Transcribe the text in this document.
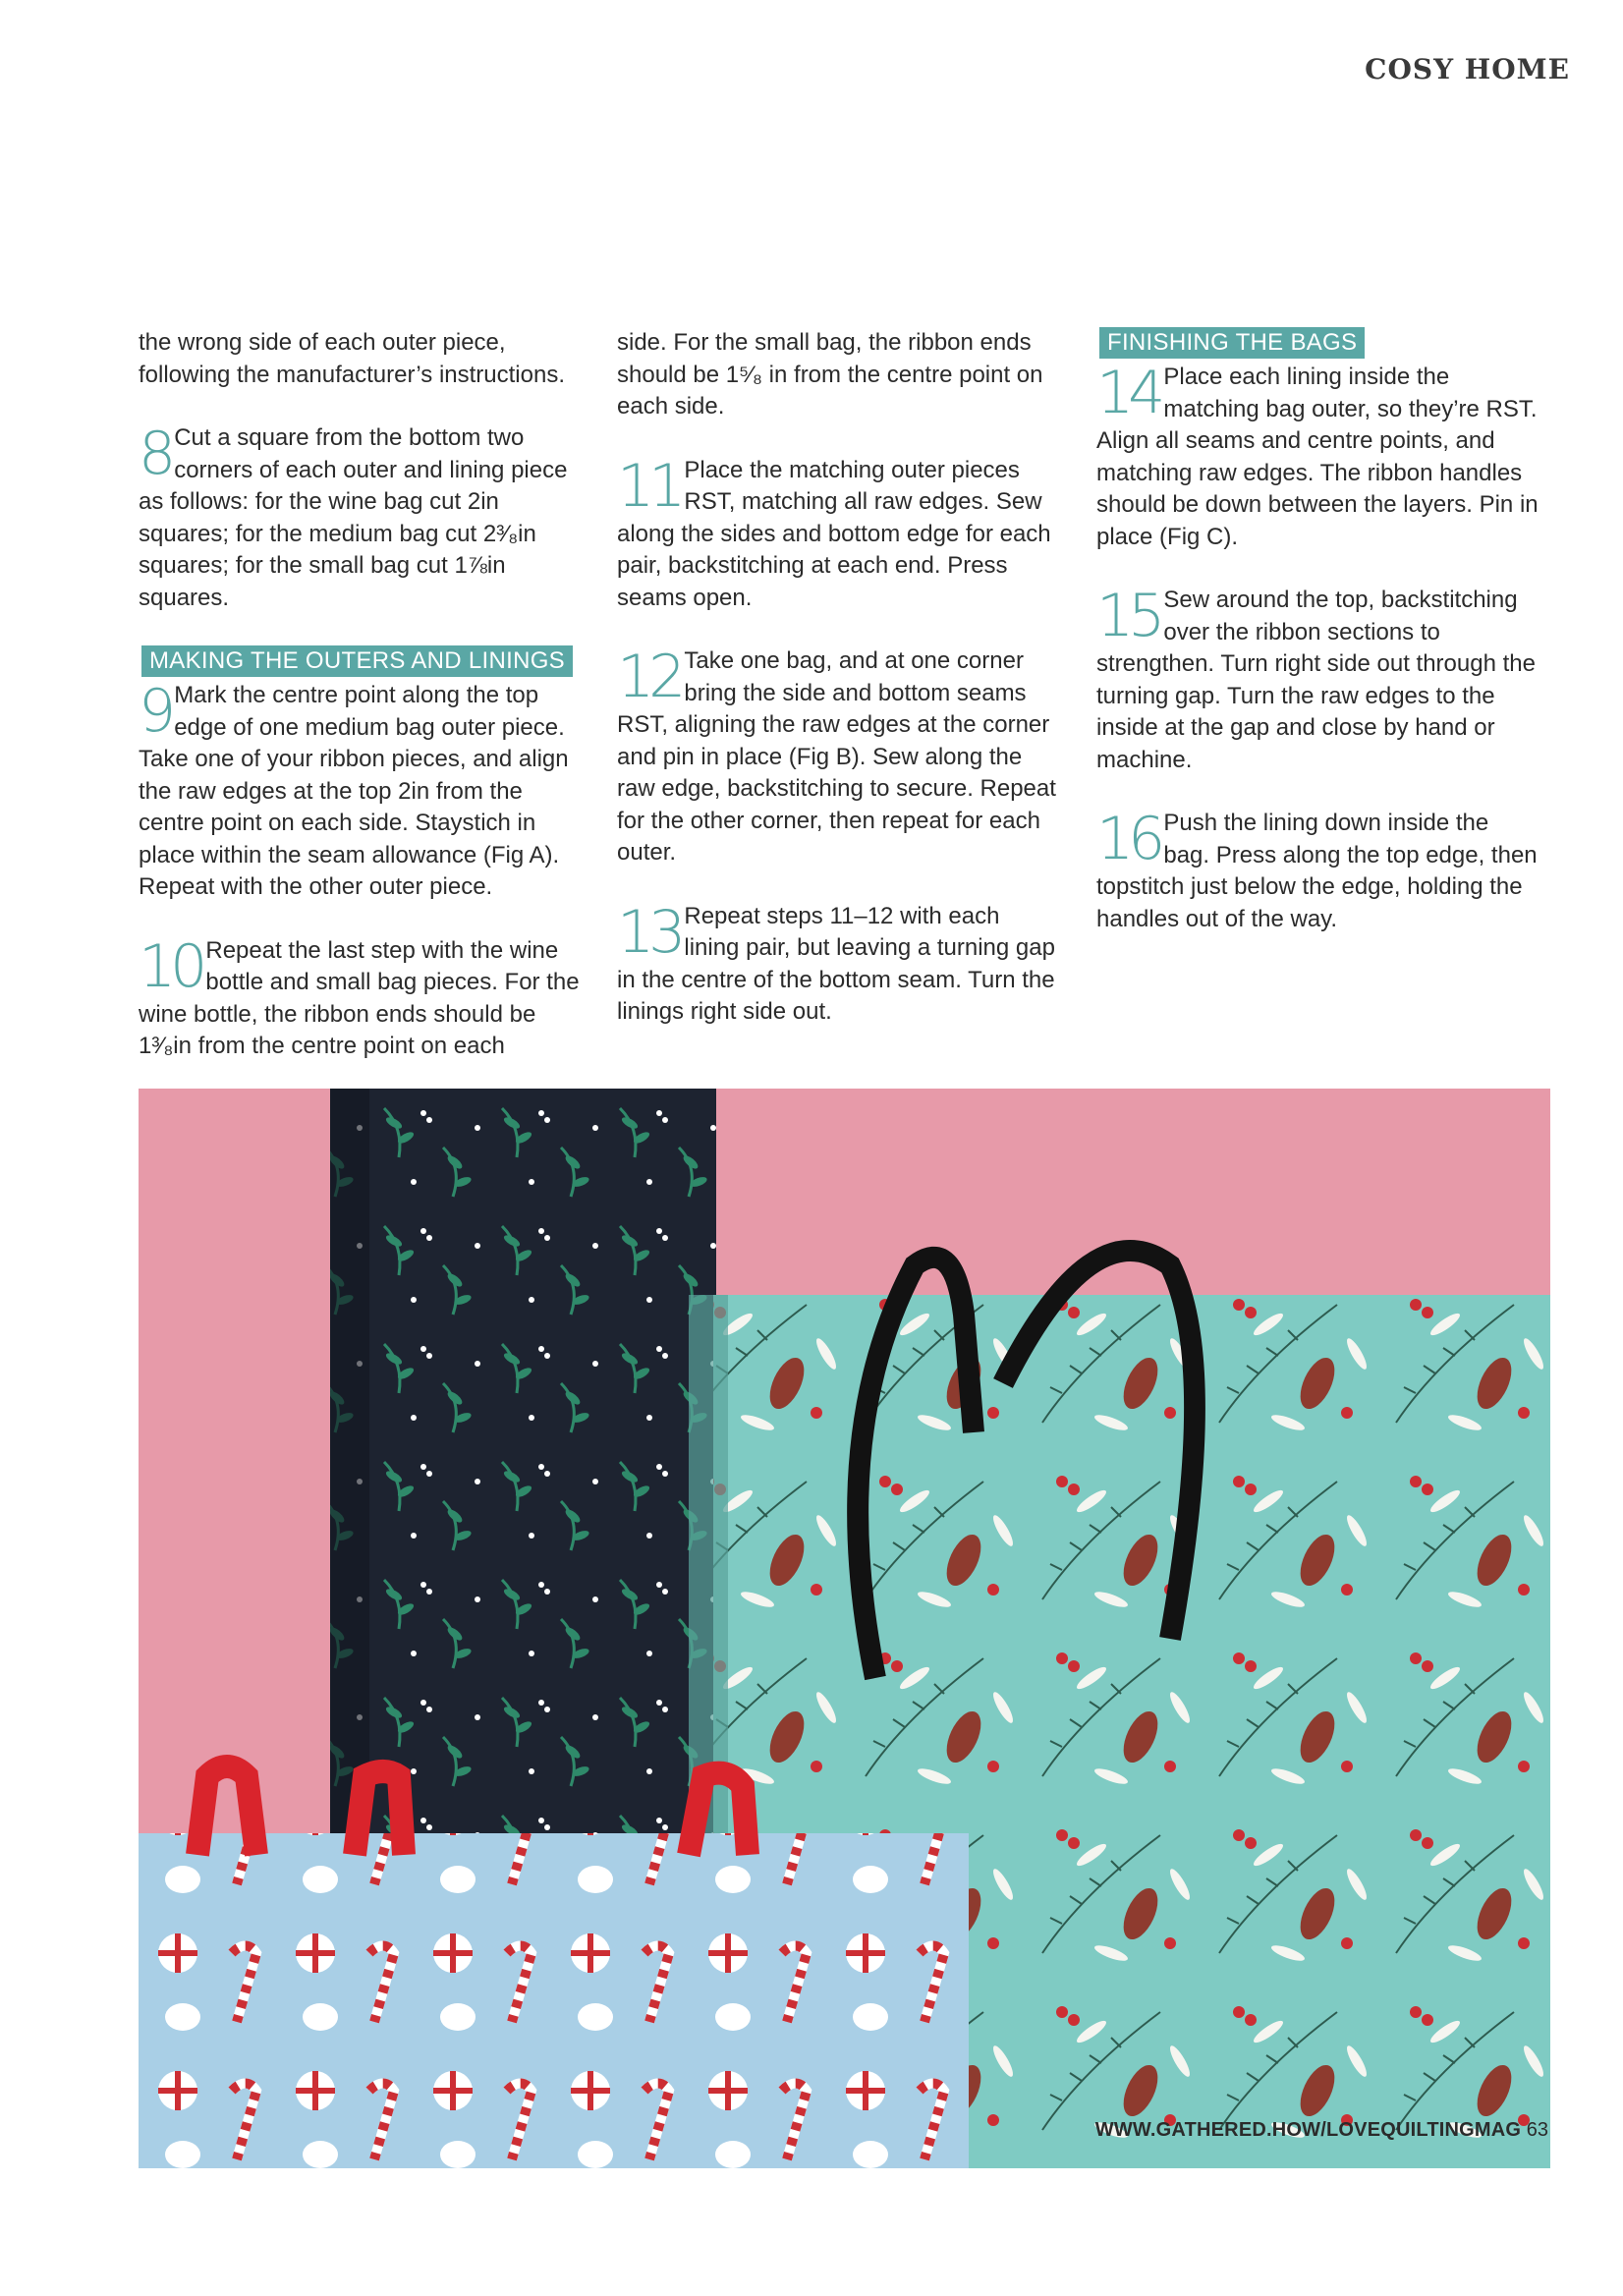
COSY HOME

the wrong side of each outer piece, following the manufacturer’s instructions.

8 Cut a square from the bottom two corners of each outer and lining piece as follows: for the wine bag cut 2in squares; for the medium bag cut 2³⁄₈in squares; for the small bag cut 1⅞in squares.

MAKING THE OUTERS AND LININGS

9 Mark the centre point along the top edge of one medium bag outer piece. Take one of your ribbon pieces, and align the raw edges at the top 2in from the centre point on each side. Staystich in place within the seam allowance (Fig A). Repeat with the other outer piece.

10 Repeat the last step with the wine bottle and small bag pieces. For the wine bottle, the ribbon ends should be 1³⁄₈in from the centre point on each

side. For the small bag, the ribbon ends should be 1⁵⁄₈ in from the centre point on each side.

11 Place the matching outer pieces RST, matching all raw edges. Sew along the sides and bottom edge for each pair, backstitching at each end. Press seams open.

12 Take one bag, and at one corner bring the side and bottom seams RST, aligning the raw edges at the corner and pin in place (Fig B). Sew along the raw edge, backstitching to secure. Repeat for the other corner, then repeat for each outer.

13 Repeat steps 11–12 with each lining pair, but leaving a turning gap in the centre of the bottom seam. Turn the linings right side out.

FINISHING THE BAGS

14 Place each lining inside the matching bag outer, so they’re RST. Align all seams and centre points, and matching raw edges. The ribbon handles should be down between the layers. Pin in place (Fig C).

15 Sew around the top, backstitching over the ribbon sections to strengthen. Turn right side out through the turning gap. Turn the raw edges to the inside at the gap and close by hand or machine.

16 Push the lining down inside the bag. Press along the top edge, then topstitch just below the edge, holding the handles out of the way.

WWW.GATHERED.HOW/LOVEQUILTINGMAG 63
